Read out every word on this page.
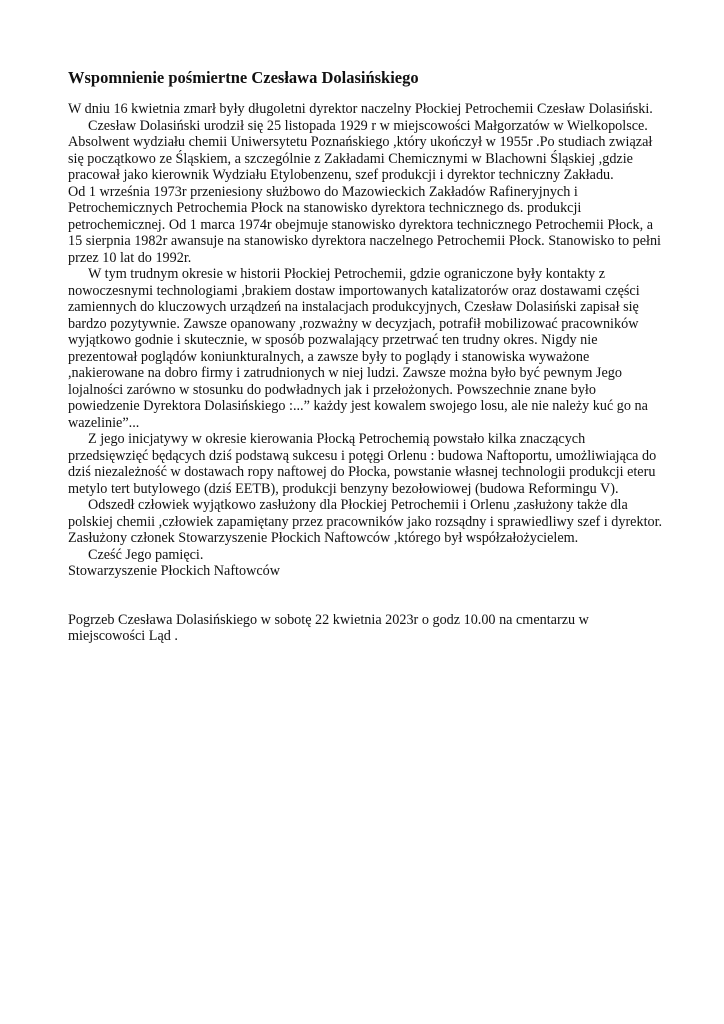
Wspomnienie pośmiertne Czesława Dolasińskiego

W dniu 16 kwietnia zmarł były długoletni dyrektor naczelny Płockiej Petrochemii Czesław Dolasiński.

Czesław Dolasiński urodził się 25 listopada 1929 r w miejscowości Małgorzatów w Wielkopolsce. Absolwent wydziału chemii Uniwersytetu Poznańskiego ,który ukończył w 1955r .Po studiach związał się początkowo ze Śląskiem, a szczególnie z Zakładami Chemicznymi w Blachowni Śląskiej ,gdzie pracował jako kierownik Wydziału Etylobenzenu, szef produkcji i dyrektor techniczny Zakładu.

Od 1 września 1973r przeniesiony służbowo do Mazowieckich Zakładów Rafineryjnych i Petrochemicznych Petrochemia Płock na stanowisko dyrektora technicznego ds. produkcji petrochemicznej. Od 1 marca 1974r obejmuje stanowisko dyrektora technicznego Petrochemii Płock, a 15 sierpnia 1982r awansuje na stanowisko dyrektora naczelnego Petrochemii Płock. Stanowisko to pełni przez 10 lat do 1992r.

W tym trudnym okresie w historii Płockiej Petrochemii, gdzie ograniczone były kontakty z nowoczesnymi technologiami ,brakiem dostaw importowanych katalizatorów oraz dostawami części zamiennych do kluczowych urządzeń na instalacjach produkcyjnych, Czesław Dolasiński zapisał się bardzo pozytywnie. Zawsze opanowany ,rozważny w decyzjach, potrafił mobilizować pracowników wyjątkowo godnie i skutecznie, w sposób pozwalający przetrwać ten trudny okres. Nigdy nie prezentował poglądów koniunkturalnych, a zawsze były to poglądy i stanowiska wyważone ,nakierowane na dobro firmy i zatrudnionych w niej ludzi. Zawsze można było być pewnym Jego lojalności zarówno w stosunku do podwładnych jak i przełożonych. Powszechnie znane było powiedzenie Dyrektora Dolasińskiego :...” każdy jest kowalem swojego losu, ale nie należy kuć go na wazelinie”...

Z jego inicjatywy w okresie kierowania Płocką Petrochemią powstało kilka znaczących przedsięwzięć będących dziś podstawą sukcesu i potęgi Orlenu : budowa Naftoportu, umożliwiająca do dziś niezależność w dostawach ropy naftowej do Płocka, powstanie własnej technologii produkcji eteru metylo tert butylowego (dziś EETB), produkcji benzyny bezołowiowej (budowa Reformingu V).

Odszedł człowiek wyjątkowo zasłużony dla Płockiej Petrochemii i Orlenu ,zasłużony także dla polskiej chemii ,człowiek zapamiętany przez pracowników jako rozsądny i sprawiedliwy szef i dyrektor. Zasłużony członek Stowarzyszenie Płockich Naftowców ,którego był współzałożycielem.

Cześć Jego pamięci.

Stowarzyszenie Płockich Naftowców

Pogrzeb Czesława Dolasińskiego w sobotę 22 kwietnia 2023r o godz 10.00 na cmentarzu w miejscowości Ląd .
